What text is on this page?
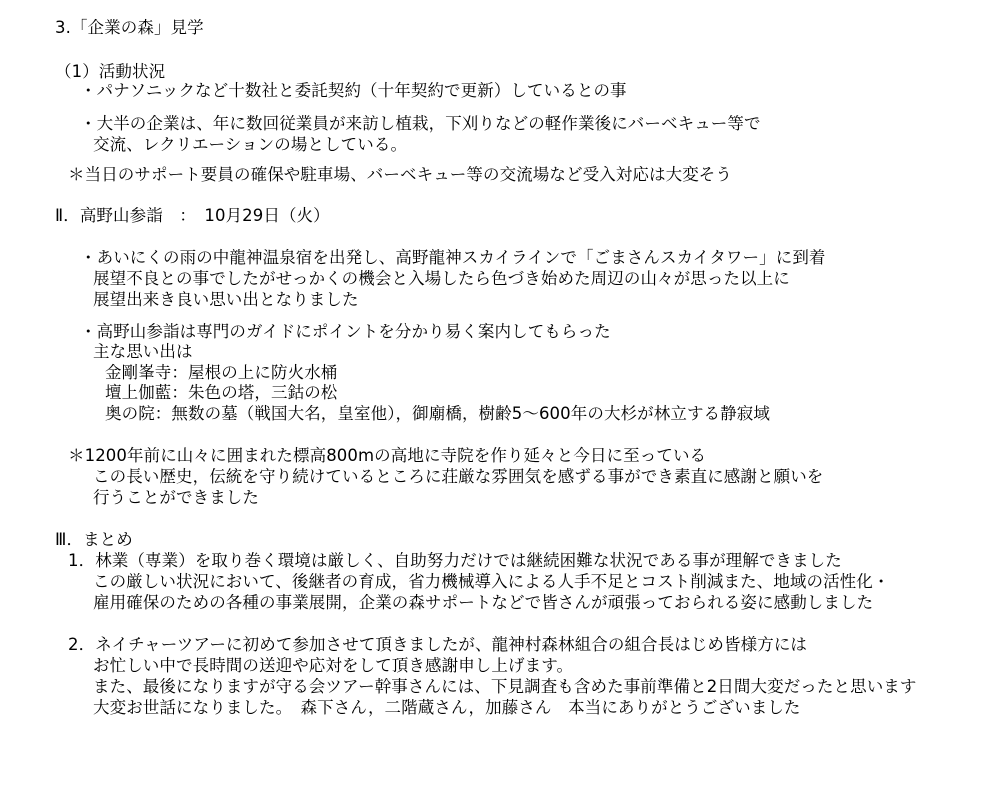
3.「企業の森」見学
（1）活動状況
・パナソニックなど十数社と委託契約（十年契約で更新）しているとの事
・大半の企業は、年に数回従業員が来訪し植栽，下刈りなどの軽作業後にバーベキュー等で
交流、レクリエーションの場としている。
＊当日のサポート要員の確保や駐車場、バーベキュー等の交流場など受入対応は大変そう
Ⅱ．高野山参詣　：　10月29日（火）
・あいにくの雨の中龍神温泉宿を出発し、高野龍神スカイラインで「ごまさんスカイタワー」に到着
展望不良との事でしたがせっかくの機会と入場したら色づき始めた周辺の山々が思った以上に
展望出来き良い思い出となりました
・高野山参詣は専門のガイドにポイントを分かり易く案内してもらった
主な思い出は
金剛峯寺：屋根の上に防火水桶
壇上伽藍：朱色の塔，三鈷の松
奥の院：無数の墓（戦国大名，皇室他），御廟橋，樹齢5～600年の大杉が林立する静寂域
＊1200年前に山々に囲まれた標高800mの高地に寺院を作り延々と今日に至っている
この長い歴史，伝統を守り続けているところに荘厳な雰囲気を感ずる事ができ素直に感謝と願いを
行うことができました
Ⅲ．まとめ
1．林業（専業）を取り巻く環境は厳しく、自助努力だけでは継続困難な状況である事が理解できました
この厳しい状況において、後継者の育成，省力機械導入による人手不足とコスト削減また、地域の活性化・
雇用確保のための各種の事業展開，企業の森サポートなどで皆さんが頑張っておられる姿に感動しました
2．ネイチャーツアーに初めて参加させて頂きましたが、龍神村森林組合の組合長はじめ皆様方には
お忙しい中で長時間の送迎や応対をして頂き感謝申し上げます。
また、最後になりますが守る会ツアー幹事さんには、下見調査も含めた事前準備と2日間大変だったと思います
大変お世話になりました。　森下さん，二階蔵さん，加藤さん　本当にありがとうございました
